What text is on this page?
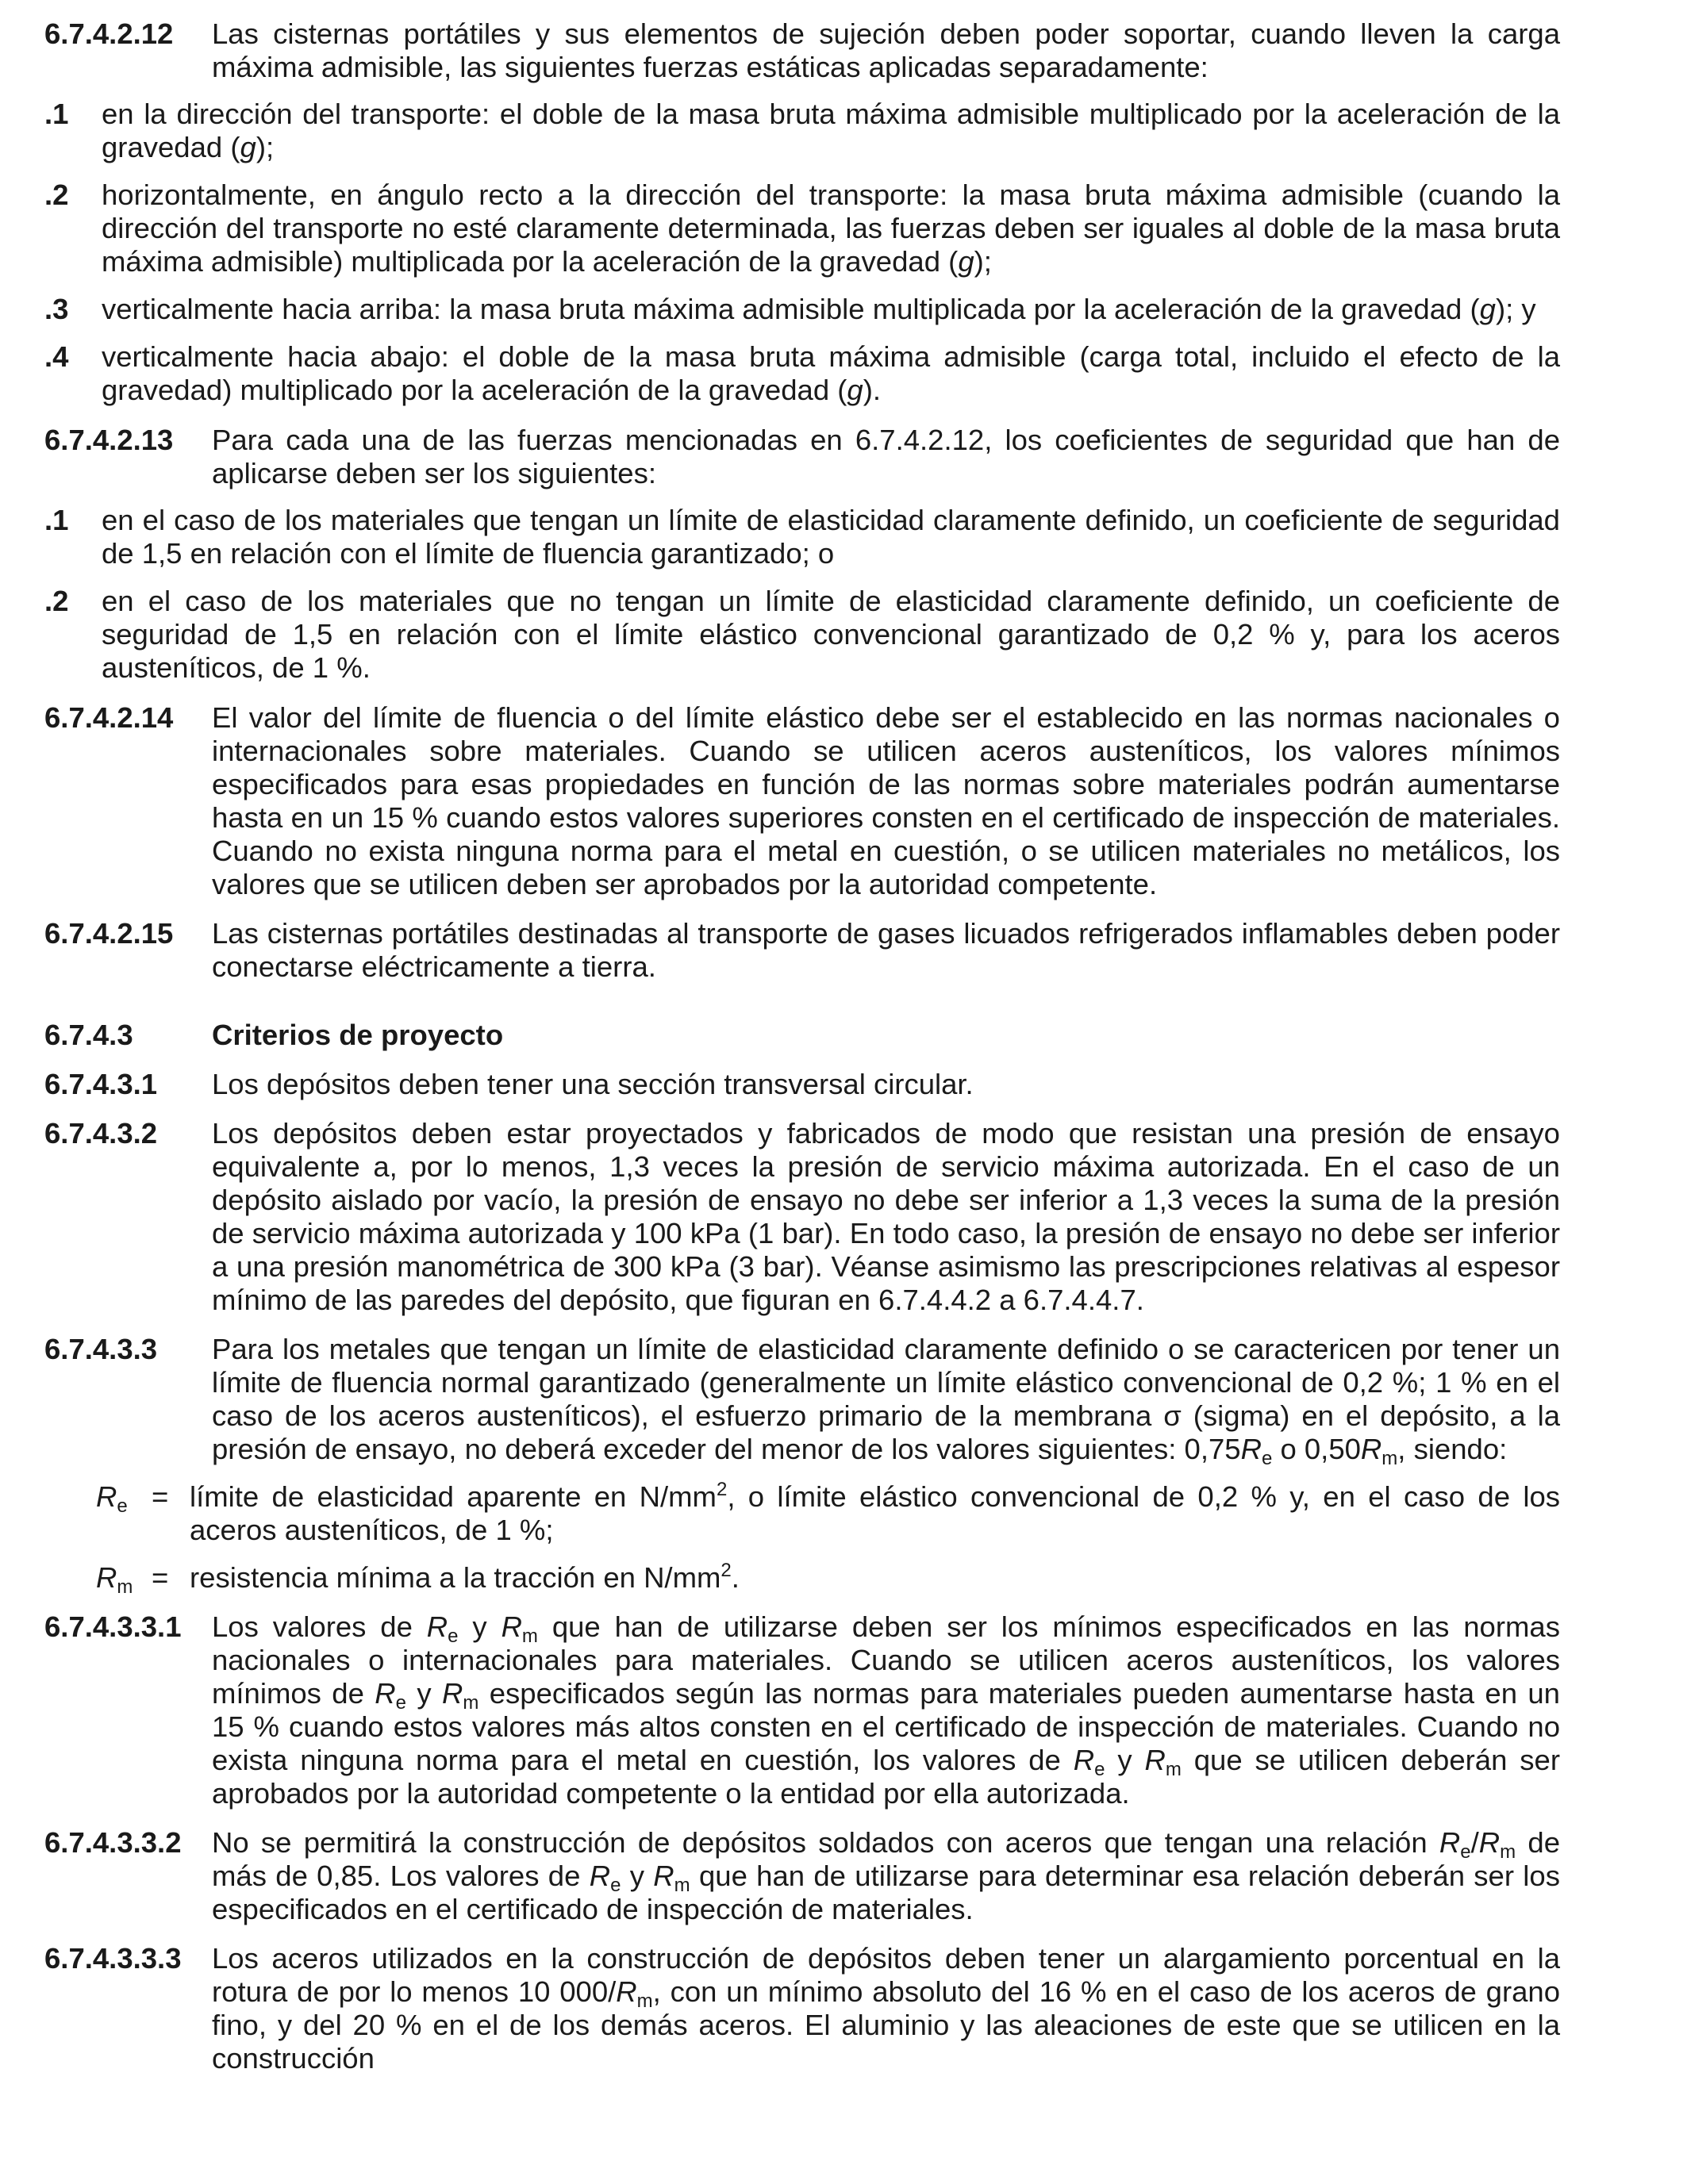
6.7.4.2.12 Las cisternas portátiles y sus elementos de sujeción deben poder soportar, cuando lleven la carga máxima admisible, las siguientes fuerzas estáticas aplicadas separadamente:
.1 en la dirección del transporte: el doble de la masa bruta máxima admisible multiplicado por la aceleración de la gravedad (g);
.2 horizontalmente, en ángulo recto a la dirección del transporte: la masa bruta máxima admisible (cuando la dirección del transporte no esté claramente determinada, las fuerzas deben ser iguales al doble de la masa bruta máxima admisible) multiplicada por la aceleración de la gravedad (g);
.3 verticalmente hacia arriba: la masa bruta máxima admisible multiplicada por la aceleración de la gravedad (g); y
.4 verticalmente hacia abajo: el doble de la masa bruta máxima admisible (carga total, incluido el efecto de la gravedad) multiplicado por la aceleración de la gravedad (g).
6.7.4.2.13 Para cada una de las fuerzas mencionadas en 6.7.4.2.12, los coeficientes de seguridad que han de aplicarse deben ser los siguientes:
.1 en el caso de los materiales que tengan un límite de elasticidad claramente definido, un coeficiente de seguridad de 1,5 en relación con el límite de fluencia garantizado; o
.2 en el caso de los materiales que no tengan un límite de elasticidad claramente definido, un coeficiente de seguridad de 1,5 en relación con el límite elástico convencional garantizado de 0,2 % y, para los aceros austeníticos, de 1 %.
6.7.4.2.14 El valor del límite de fluencia o del límite elástico debe ser el establecido en las normas nacionales o internacionales sobre materiales. Cuando se utilicen aceros austeníticos, los valores mínimos especificados para esas propiedades en función de las normas sobre materiales podrán aumentarse hasta en un 15 % cuando estos valores superiores consten en el certificado de inspección de materiales. Cuando no exista ninguna norma para el metal en cuestión, o se utilicen materiales no metálicos, los valores que se utilicen deben ser aprobados por la autoridad competente.
6.7.4.2.15 Las cisternas portátiles destinadas al transporte de gases licuados refrigerados inflamables deben poder conectarse eléctricamente a tierra.
6.7.4.3	Criterios de proyecto
6.7.4.3.1 Los depósitos deben tener una sección transversal circular.
6.7.4.3.2 Los depósitos deben estar proyectados y fabricados de modo que resistan una presión de ensayo equivalente a, por lo menos, 1,3 veces la presión de servicio máxima autorizada. En el caso de un depósito aislado por vacío, la presión de ensayo no debe ser inferior a 1,3 veces la suma de la presión de servicio máxima autorizada y 100 kPa (1 bar). En todo caso, la presión de ensayo no debe ser inferior a una presión manométrica de 300 kPa (3 bar). Véanse asimismo las prescripciones relativas al espesor mínimo de las paredes del depósito, que figuran en 6.7.4.4.2 a 6.7.4.4.7.
6.7.4.3.3 Para los metales que tengan un límite de elasticidad claramente definido o se caractericen por tener un límite de fluencia normal garantizado (generalmente un límite elástico convencional de 0,2 %; 1 % en el caso de los aceros austeníticos), el esfuerzo primario de la membrana σ (sigma) en el depósito, a la presión de ensayo, no deberá exceder del menor de los valores siguientes: $0,75R_e$ o $0,50R_m$, siendo:
$R_e$ = límite de elasticidad aparente en $N/mm^2$, o límite elástico convencional de 0,2 % y, en el caso de los aceros austeníticos, de 1 %;
$R_m$ = resistencia mínima a la tracción en $N/mm^2$.
6.7.4.3.3.1 Los valores de $R_e$ y $R_m$ que han de utilizarse deben ser los mínimos especificados en las normas nacionales o internacionales para materiales. Cuando se utilicen aceros austeníticos, los valores mínimos de $R_e$ y $R_m$ especificados según las normas para materiales pueden aumentarse hasta en un 15 % cuando estos valores más altos consten en el certificado de inspección de materiales. Cuando no exista ninguna norma para el metal en cuestión, los valores de $R_e$ y $R_m$ que se utilicen deberán ser aprobados por la autoridad competente o la entidad por ella autorizada.
6.7.4.3.3.2 No se permitirá la construcción de depósitos soldados con aceros que tengan una relación $R_e/R_m$ de más de 0,85. Los valores de $R_e$ y $R_m$ que han de utilizarse para determinar esa relación deberán ser los especificados en el certificado de inspección de materiales.
6.7.4.3.3.3 Los aceros utilizados en la construcción de depósitos deben tener un alargamiento porcentual en la rotura de por lo menos 10 $000/R_m$, con un mínimo absoluto del 16 % en el caso de los aceros de grano fino, y del 20 % en el de los demás aceros. El aluminio y las aleaciones de este que se utilicen en la construcción
